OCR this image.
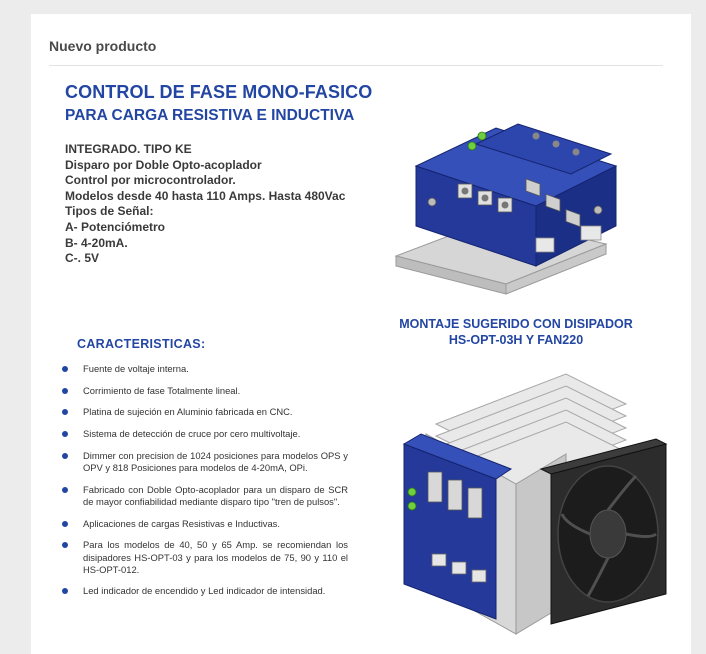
Nuevo producto
CONTROL DE FASE MONO-FASICO
PARA CARGA RESISTIVA E INDUCTIVA
INTEGRADO. TIPO KE
Disparo por Doble Opto-acoplador
Control por microcontrolador.
Modelos desde 40 hasta 110 Amps. Hasta 480Vac
Tipos de Señal:
A- Potenciómetro
B- 4-20mA.
C-. 5V
CARACTERISTICAS:
MONTAJE SUGERIDO CON DISIPADOR
HS-OPT-03H Y FAN220
Fuente de voltaje interna.
Corrimiento de fase Totalmente lineal.
Platina de sujeción en Aluminio fabricada en CNC.
Sistema de detección de cruce por cero multivoltaje.
Dimmer con precision de 1024 posiciones para modelos OPS y OPV y 818 Posiciones para modelos de 4-20mA, OPi.
Fabricado con Doble Opto-acoplador para un disparo de SCR de mayor confiabilidad mediante disparo tipo "tren de pulsos".
Aplicaciones de cargas Resistivas e Inductivas.
Para los modelos de 40, 50 y 65 Amp. se recomiendan los disipadores HS-OPT-03 y para los modelos de 75, 90 y 110 el HS-OPT-012.
Led indicador de encendido y Led indicador de intensidad.
